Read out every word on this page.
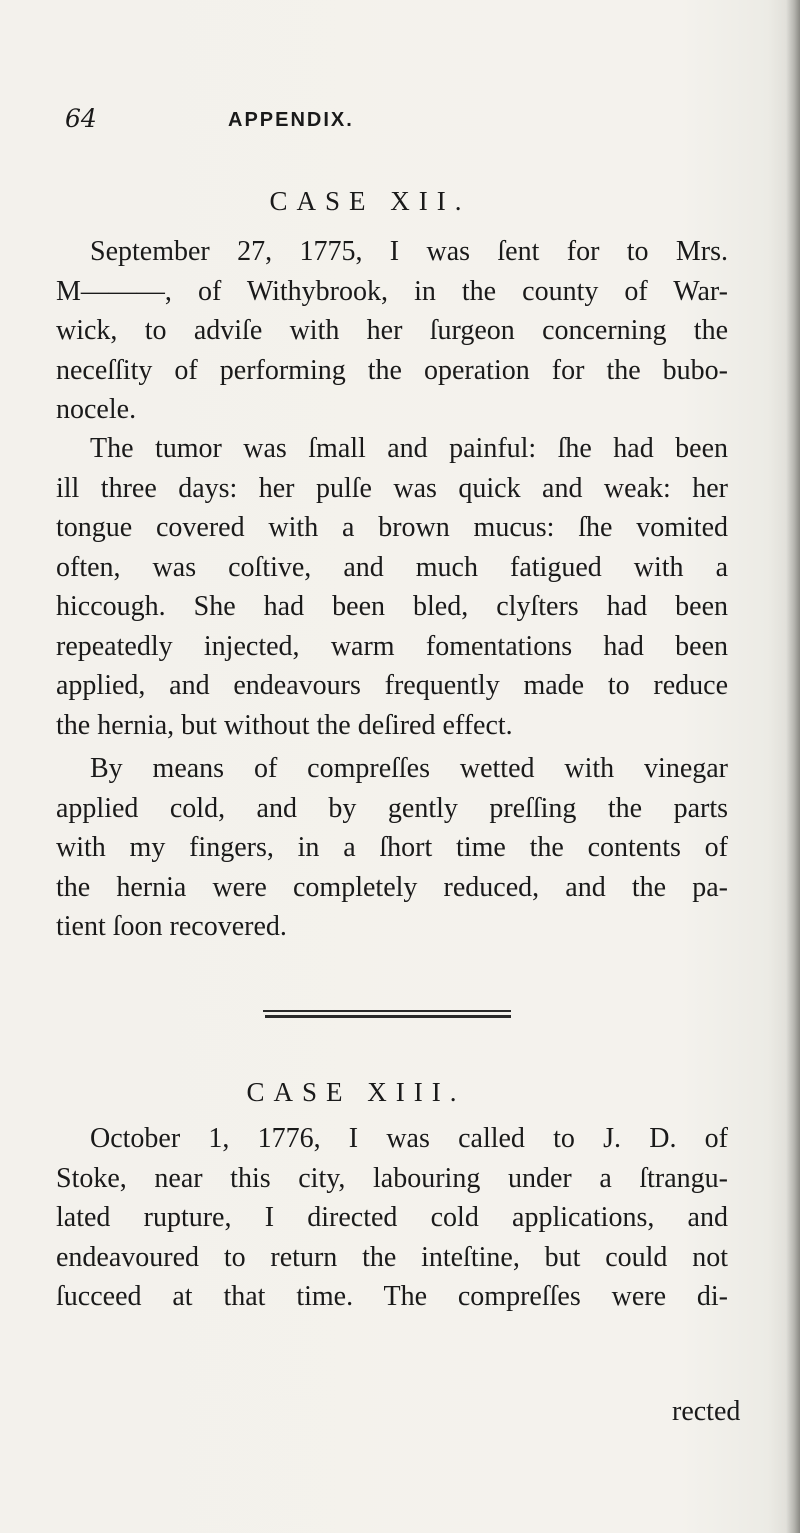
64	APPENDIX.
CASE XII.

September 27, 1775, I was ſent for to Mrs.
M———, of Withybrook, in the county of War-
wick, to adviſe with her ſurgeon concerning the
neceſſity of performing the operation for the bubo-
nocele.

The tumor was ſmall and painful: ſhe had been
ill three days: her pulſe was quick and weak: her
tongue covered with a brown mucus: ſhe vomited
often, was coſtive, and much fatigued with a
hiccough. She had been bled, clyſters had been
repeatedly injected, warm fomentations had been
applied, and endeavours frequently made to reduce
the hernia, but without the deſired effect.

By means of compreſſes wetted with vinegar
applied cold, and by gently preſſing the parts
with my fingers, in a ſhort time the contents of
the hernia were completely reduced, and the pa-
tient ſoon recovered.

CASE XIII.

October 1, 1776, I was called to J. D. of
Stoke, near this city, labouring under a ſtrangu-
lated rupture, I directed cold applications, and
endeavoured to return the inteſtine, but could not
ſucceed at that time. The compreſſes were di-

rected
